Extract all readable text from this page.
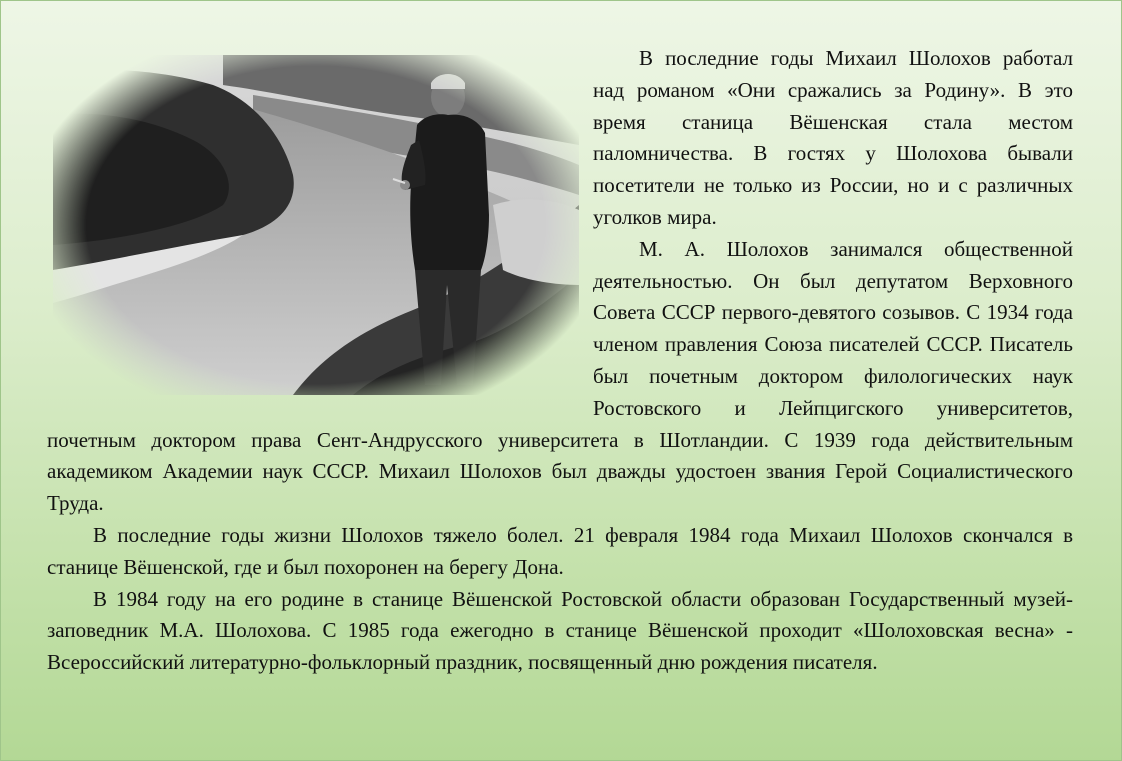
В последние годы Михаил Шолохов работал над романом «Они сражались за Родину». В это время станица Вёшенская стала местом паломничества. В гостях у Шолохова бывали посетители не только из России, но и с различных уголков мира.

М. А. Шолохов занимался общественной деятельностью. Он был депутатом Верховного Совета СССР первого-девятого созывов. С 1934 года членом правления Союза писателей СССР. Писатель был почетным доктором филологических наук Ростовского и Лейпцигского университетов, почетным доктором права Сент-Андрусского университета в Шотландии. С 1939 года действительным академиком Академии наук СССР. Михаил Шолохов был дважды удостоен звания Герой Социалистического Труда.

В последние годы жизни Шолохов тяжело болел. 21 февраля 1984 года Михаил Шолохов скончался в станице Вёшенской, где и был похоронен на берегу Дона.

В 1984 году на его родине в станице Вёшенской Ростовской области образован Государственный музей-заповедник М.А. Шолохова. С 1985 года ежегодно в станице Вёшенской проходит «Шолоховская весна» - Всероссийский литературно-фольклорный праздник, посвященный дню рождения писателя.
